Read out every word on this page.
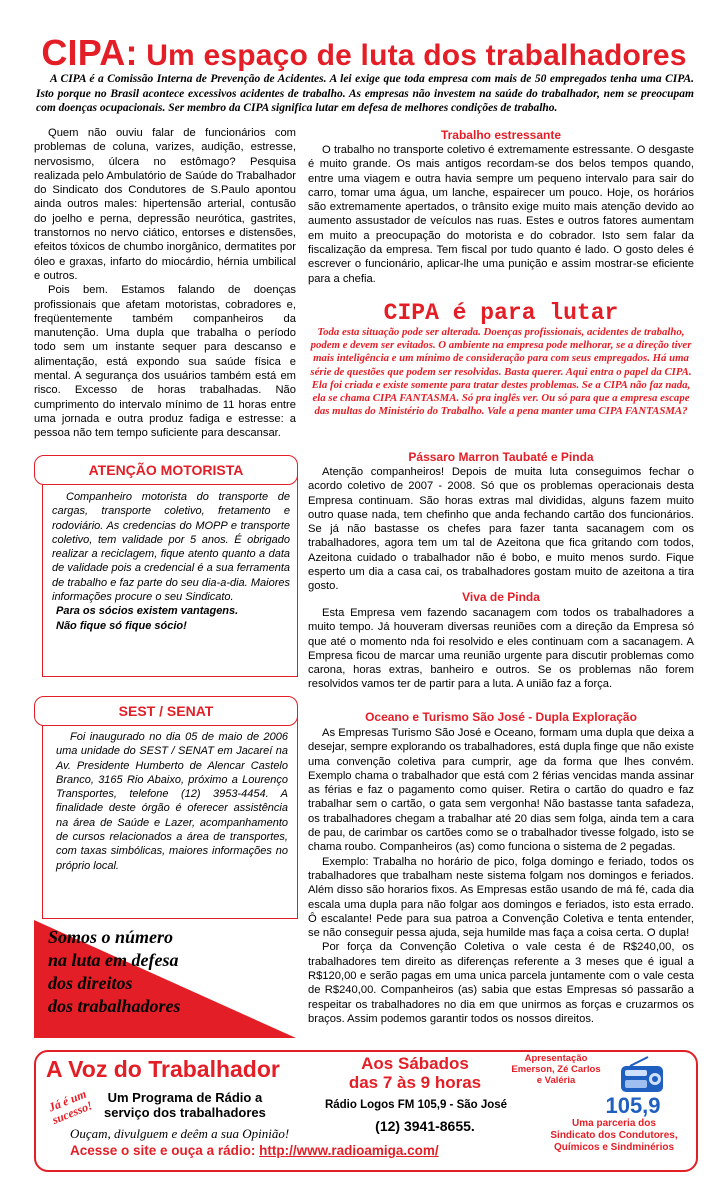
CIPA: Um espaço de luta dos trabalhadores
A CIPA é a Comissão Interna de Prevenção de Acidentes. A lei exige que toda empresa com mais de 50 empregados tenha uma CIPA. Isto porque no Brasil acontece excessivos acidentes de trabalho. As empresas não investem na saúde do trabalhador, nem se preocupam com doenças ocupacionais. Ser membro da CIPA significa lutar em defesa de melhores condições de trabalho.

Quem não ouviu falar de funcionários com problemas de coluna, varizes, audição, estresse, nervosismo, úlcera no estômago? Pesquisa realizada pelo Ambulatório de Saúde do Trabalhador do Sindicato dos Condutores de S.Paulo apontou ainda outros males: hipertensão arterial, contusão do joelho e perna, depressão neurótica, gastrites, transtornos no nervo ciático, entorses e distensões, efeitos tóxicos de chumbo inorgânico, dermatites por óleo e graxas, infarto do miocárdio, hérnia umbilical e outros.

Pois bem. Estamos falando de doenças profissionais que afetam motoristas, cobradores e, freqüentemente também companheiros da manutenção. Uma dupla que trabalha o período todo sem um instante sequer para descanso e alimentação, está expondo sua saúde física e mental. A segurança dos usuários também está em risco. Excesso de horas trabalhadas. Não cumprimento do intervalo mínimo de 11 horas entre uma jornada e outra produz fadiga e estresse: a pessoa não tem tempo suficiente para descansar.

ATENÇÃO MOTORISTA

Companheiro motorista do transporte de cargas, transporte coletivo, fretamento e rodoviário. As credencias do MOPP e transporte coletivo, tem validade por 5 anos. É obrigado realizar a reciclagem, fique atento quanto a data de validade pois a credencial é a sua ferramenta de trabalho e faz parte do seu dia-a-dia. Maiores informações procure o seu Sindicato.

Para os sócios existem vantagens.
Não fique só fique sócio!
SEST / SENAT

Foi inaugurado no dia 05 de maio de 2006 uma unidade do SEST / SENAT em Jacareí na Av. Presidente Humberto de Alencar Castelo Branco, 3165 Rio Abaixo, próximo a Lourenço Transportes, telefone (12) 3953-4454. A finalidade deste órgão é oferecer assistência na área de Saúde e Lazer, acompanhamento de cursos relacionados a área de transportes, com taxas simbólicas, maiores informações no próprio local.

Somos o número
na luta em defesa
dos direitos
dos trabalhadores
Trabalho estressante

O trabalho no transporte coletivo é extremamente estressante. O desgaste é muito grande. Os mais antigos recordam-se dos belos tempos quando, entre uma viagem e outra havia sempre um pequeno intervalo para sair do carro, tomar uma água, um lanche, espairecer um pouco. Hoje, os horários são extremamente apertados, o trânsito exige muito mais atenção devido ao aumento assustador de veículos nas ruas. Estes e outros fatores aumentam em muito a preocupação do motorista e do cobrador. Isto sem falar da fiscalização da empresa. Tem fiscal por tudo quanto é lado. O gosto deles é escrever o funcionário, aplicar-lhe uma punição e assim mostrar-se eficiente para a chefia.

CIPA é para lutar
Toda esta situação pode ser alterada. Doenças profissionais, acidentes de trabalho, podem e devem ser evitados. O ambiente na empresa pode melhorar, se a direção tiver mais inteligência e um mínimo de consideração para com seus empregados. Há uma série de questões que podem ser resolvidas. Basta querer. Aqui entra o papel da CIPA. Ela foi criada e existe somente para tratar destes problemas. Se a CIPA não faz nada, ela se chama CIPA FANTASMA. Só pra inglês ver. Ou só para que a empresa escape das multas do Ministério do Trabalho. Vale a pena manter uma CIPA FANTASMA?
Pássaro Marron Taubaté e Pinda

Atenção companheiros! Depois de muita luta conseguimos fechar o acordo coletivo de 2007 - 2008. Só que os problemas operacionais desta Empresa continuam. São horas extras mal divididas, alguns fazem muito outro quase nada, tem chefinho que anda fechando cartão dos funcionários. Se já não bastasse os chefes para fazer tanta sacanagem com os trabalhadores, agora tem um tal de Azeitona que fica gritando com todos, Azeitona cuidado o trabalhador não é bobo, e muito menos surdo. Fique esperto um dia a casa cai, os trabalhadores gostam muito de azeitona a tira gosto.

Viva de Pinda

Esta Empresa vem fazendo sacanagem com todos os trabalhadores a muito tempo. Já houveram diversas reuniões com a direção da Empresa só que até o momento nda foi resolvido e eles continuam com a sacanagem. A Empresa ficou de marcar uma reunião urgente para discutir problemas como carona, horas extras, banheiro e outros. Se os problemas não forem resolvidos vamos ter de partir para a luta. A união faz a força.

Oceano e Turismo São José - Dupla Exploração

As Empresas Turismo São José e Oceano, formam uma dupla que deixa a desejar, sempre explorando os trabalhadores, está dupla finge que não existe uma convenção coletiva para cumprir, age da forma que lhes convém. Exemplo chama o trabalhador que está com 2 férias vencidas manda assinar as férias e faz o pagamento como quiser. Retira o cartão do quadro e faz trabalhar sem o cartão, o gata sem vergonha! Não bastasse tanta safadeza, os trabalhadores chegam a trabalhar até 20 dias sem folga, ainda tem a cara de pau, de carimbar os cartões como se o trabalhador tivesse folgado, isto se chama roubo. Companheiros (as) como funciona o sistema de 2 pegadas.

Exemplo: Trabalha no horário de pico, folga domingo e feriado, todos os trabalhadores que trabalham neste sistema folgam nos domingos e feriados. Além disso são horarios fixos. As Empresas estão usando de má fé, cada dia escala uma dupla para não folgar aos domingos e feriados, isto esta errado. Ô escalante! Pede para sua patroa a Convenção Coletiva e tenta entender, se não conseguir pessa ajuda, seja humilde mas faça a coisa certa. O dupla!

Por força da Convenção Coletiva o vale cesta é de R$240,00, os trabalhadores tem direito as diferenças referente a 3 meses que é igual a R$120,00 e serão pagas em uma unica parcela juntamente com o vale cesta de R$240,00. Companheiros (as) sabia que estas Empresas só passarão a respeitar os trabalhadores no dia em que unirmos as forças e cruzarmos os braços. Assim podemos garantir todos os nossos direitos.

A Voz do Trabalhador
Já é um sucesso!
Um Programa de Rádio a
serviço dos trabalhadores
Ouçam, divulguem e deêm a sua Opinião!
Acesse o site e ouça a rádio: http://www.radioamiga.com/
Aos Sábados
das 7 às 9 horas
Rádio Logos FM 105,9 - São José
(12) 3941-8655.
Apresentação
Emerson, Zé Carlos
e Valéria
105,9
Uma parceria dos
Sindicato dos Condutores,
Químicos e Sindminérios
